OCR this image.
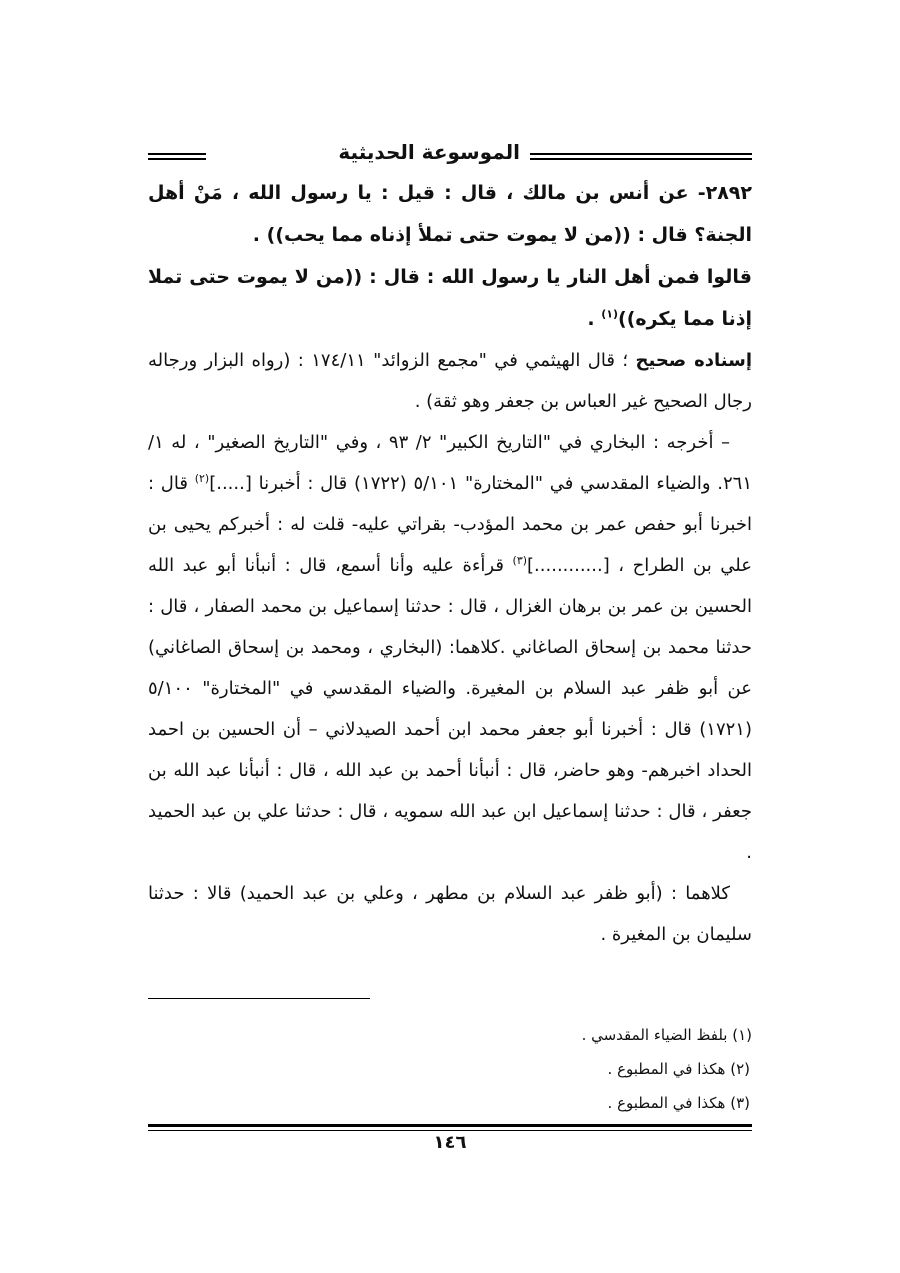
الموسوعة الحديثية

٢٨٩٢- عن أنس بن مالك ، قال : قيل : يا رسول الله ، مَنْ أهل الجنة؟ قال : ((من لا يموت حتى تملأ إذناه مما يحب)) .

قالوا فمن أهل النار يا رسول الله : قال : ((من لا يموت حتى تملا إذنا مما يكره))$^{(١)}$ .

إسناده صحيح ؛ قال الهيثمي في "مجمع الزوائد" ١٧٤/١١ : (رواه البزار ورجاله رجال الصحيح غير العباس بن جعفر وهو ثقة) .

– أخرجه : البخاري في "التاريخ الكبير" ٢/ ٩٣ ، وفي "التاريخ الصغير" ، له ١/ ٢٦١. والضياء المقدسي في "المختارة" ٥/١٠١ (١٧٢٢) قال : أخبرنا [.....]$^{(٢)}$ قال : اخبرنا أبو حفص عمر بن محمد المؤدب- بقراتي عليه- قلت له : أخبركم يحيى بن علي بن الطراح ، [............]$^{(٣)}$ قرأءة عليه وأنا أسمع، قال : أنبأنا أبو عبد الله الحسين بن عمر بن برهان الغزال ، قال : حدثنا إسماعيل بن محمد الصفار ، قال : حدثنا محمد بن إسحاق الصاغاني .كلاهما: (البخاري ، ومحمد بن إسحاق الصاغاني) عن أبو ظفر عبد السلام بن المغيرة. والضياء المقدسي في "المختارة" ٥/١٠٠ (١٧٢١) قال : أخبرنا أبو جعفر محمد ابن أحمد الصيدلاني – أن الحسين بن احمد الحداد اخبرهم- وهو حاضر، قال : أنبأنا أحمد بن عبد الله ، قال : أنبأنا عبد الله بن جعفر ، قال : حدثنا إسماعيل ابن عبد الله سمويه ، قال : حدثنا علي بن عبد الحميد .

كلاهما : (أبو ظفر عبد السلام بن مطهر ، وعلي بن عبد الحميد) قالا : حدثنا سليمان بن المغيرة .

(١) بلفظ الضياء المقدسي .
(٢) هكذا في المطبوع .
(٣) هكذا في المطبوع .
١٤٦
